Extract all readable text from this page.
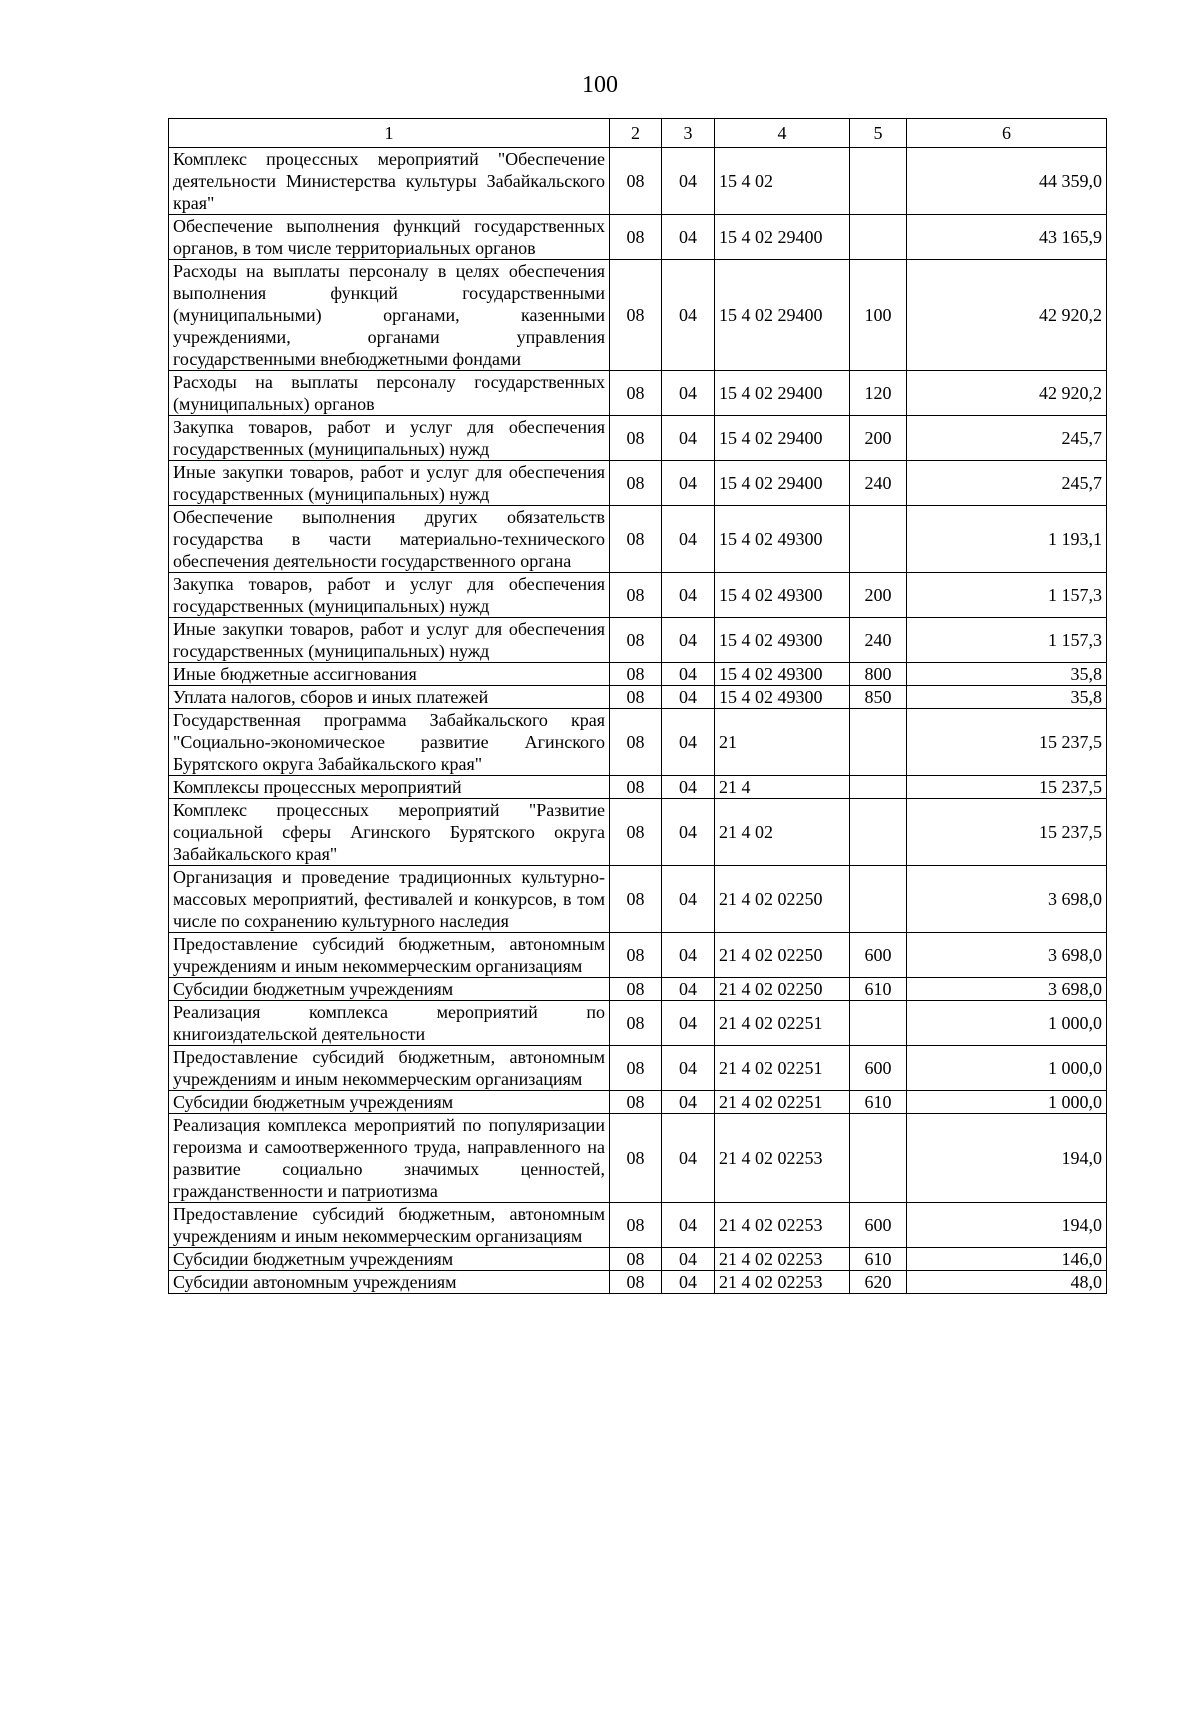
100
1	2	3	4	5	6
Комплекс процессных мероприятий "Обеспечение деятельности Министерства культуры Забайкальского края"	08	04	15 4 02		44 359,0
Обеспечение выполнения функций государственных органов, в том числе территориальных органов	08	04	15 4 02 29400		43 165,9
Расходы на выплаты персоналу в целях обеспечения выполнения функций государственными (муниципальными) органами, казенными учреждениями, органами управления государственными внебюджетными фондами	08	04	15 4 02 29400	100	42 920,2
Расходы на выплаты персоналу государственных (муниципальных) органов	08	04	15 4 02 29400	120	42 920,2
Закупка товаров, работ и услуг для обеспечения государственных (муниципальных) нужд	08	04	15 4 02 29400	200	245,7
Иные закупки товаров, работ и услуг для обеспечения государственных (муниципальных) нужд	08	04	15 4 02 29400	240	245,7
Обеспечение выполнения других обязательств государства в части материально-технического обеспечения деятельности государственного органа	08	04	15 4 02 49300		1 193,1
Закупка товаров, работ и услуг для обеспечения государственных (муниципальных) нужд	08	04	15 4 02 49300	200	1 157,3
Иные закупки товаров, работ и услуг для обеспечения государственных (муниципальных) нужд	08	04	15 4 02 49300	240	1 157,3
Иные бюджетные ассигнования	08	04	15 4 02 49300	800	35,8
Уплата налогов, сборов и иных платежей	08	04	15 4 02 49300	850	35,8
Государственная программа Забайкальского края "Социально-экономическое развитие Агинского Бурятского округа Забайкальского края"	08	04	21		15 237,5
Комплексы процессных мероприятий	08	04	21 4		15 237,5
Комплекс процессных мероприятий "Развитие социальной сферы Агинского Бурятского округа Забайкальского края"	08	04	21 4 02		15 237,5
Организация и проведение традиционных культурно-массовых мероприятий, фестивалей и конкурсов, в том числе по сохранению культурного наследия	08	04	21 4 02 02250		3 698,0
Предоставление субсидий бюджетным, автономным учреждениям и иным некоммерческим организациям	08	04	21 4 02 02250	600	3 698,0
Субсидии бюджетным учреждениям	08	04	21 4 02 02250	610	3 698,0
Реализация комплекса мероприятий по книгоиздательской деятельности	08	04	21 4 02 02251		1 000,0
Предоставление субсидий бюджетным, автономным учреждениям и иным некоммерческим организациям	08	04	21 4 02 02251	600	1 000,0
Субсидии бюджетным учреждениям	08	04	21 4 02 02251	610	1 000,0
Реализация комплекса мероприятий по популяризации героизма и самоотверженного труда, направленного на развитие социально значимых ценностей, гражданственности и патриотизма	08	04	21 4 02 02253		194,0
Предоставление субсидий бюджетным, автономным учреждениям и иным некоммерческим организациям	08	04	21 4 02 02253	600	194,0
Субсидии бюджетным учреждениям	08	04	21 4 02 02253	610	146,0
Субсидии автономным учреждениям	08	04	21 4 02 02253	620	48,0
